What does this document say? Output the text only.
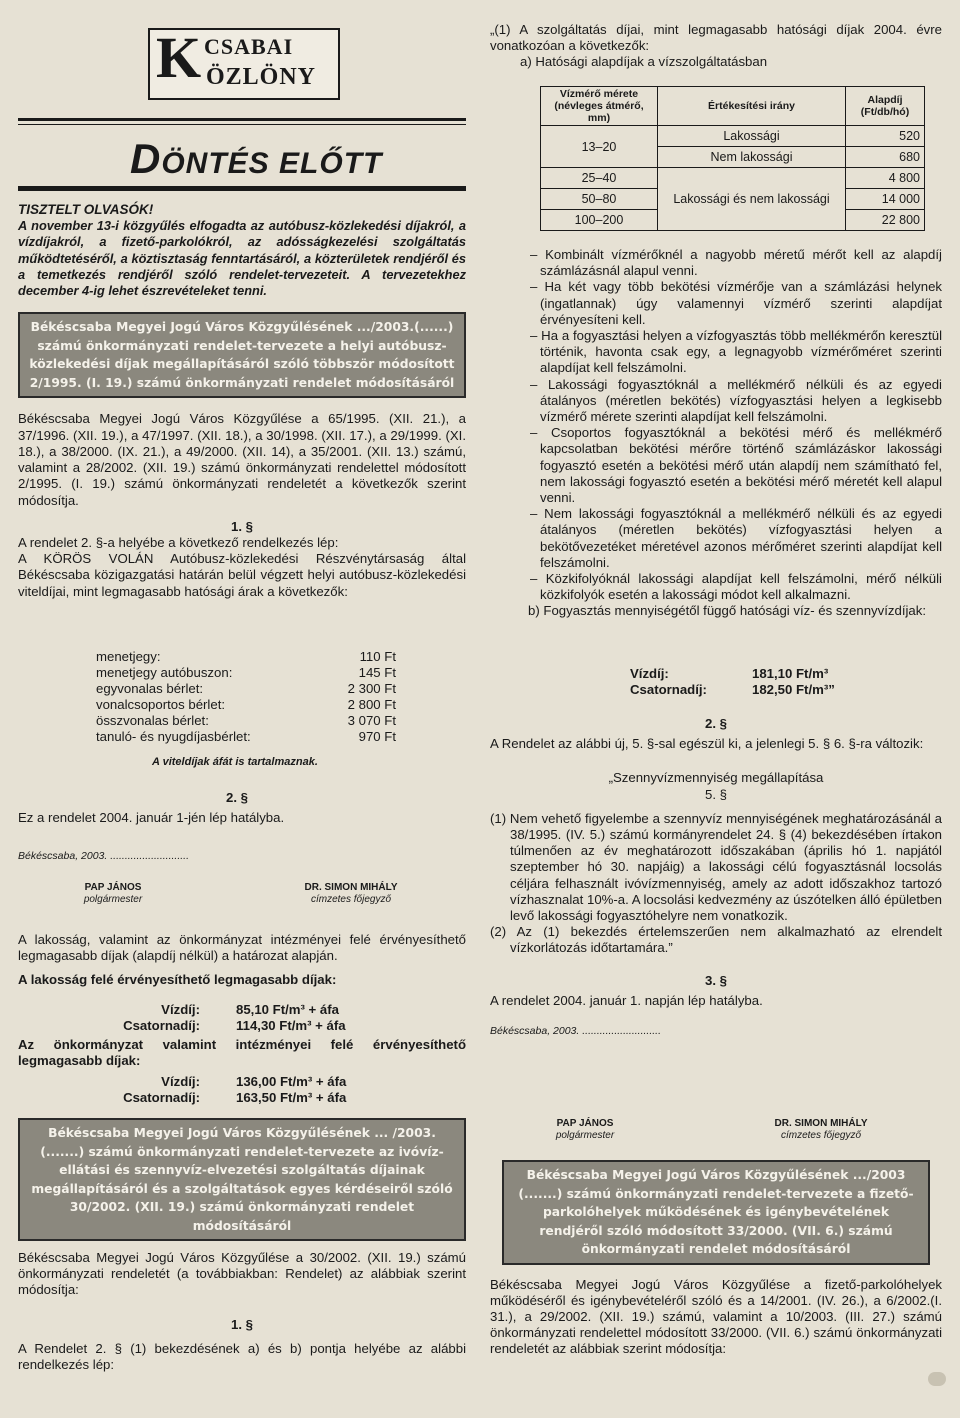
K CSABAI
ÖZLÖNY
DÖNTÉS ELŐTT

TISZTELT OLVASÓK!

A november 13-i közgyűlés elfogadta az autóbusz-közlekedési díjakról, a vízdíjakról, a fizető-parkolókról, az adósságkezelési szolgáltatás működtetéséről, a köztisztaság fenntartásáról, a közterületek rendjéről és a temetkezés rendjéről szóló rendelet-tervezeteit. A tervezetekhez december 4-ig lehet észrevételeket tenni.

Békéscsaba Megyei Jogú Város Közgyűlésének .../2003.(......) számú önkormányzati rendelet-tervezete a helyi autóbusz-közlekedési díjak megállapításáról szóló többször módosított 2/1995. (I. 19.) számú önkormányzati rendelet módosításáról

Békéscsaba Megyei Jogú Város Közgyűlése a 65/1995. (XII. 21.), a 37/1996. (XII. 19.), a 47/1997. (XII. 18.), a 30/1998. (XII. 17.), a 29/1999. (XI. 18.), a 38/2000. (IX. 21.), a 49/2000. (XII. 14), a 35/2001. (XII. 13.) számú, valamint a 28/2002. (XII. 19.) számú önkormányzati rendelettel módosított 2/1995. (I. 19.) számú önkormányzati rendeletét a következők szerint módosítja.

1. §

A rendelet 2. §-a helyébe a következő rendelkezés lép:

A KÖRÖS VOLÁN Autóbusz-közlekedési Részvénytársaság által Békéscsaba közigazgatási határán belül végzett helyi autóbusz-közlekedési viteldíjai, mint legmagasabb hatósági árak a következők:

menetjegy:	110 Ft
menetjegy autóbuszon:	145 Ft
egyvonalas bérlet:	2 300 Ft
vonalcsoportos bérlet:	2 800 Ft
összvonalas bérlet:	3 070 Ft
tanuló- és nyugdíjasbérlet:	970 Ft

A viteldíjak áfát is tartalmaznak.

2. §

Ez a rendelet 2004. január 1-jén lép hatályba.

Békéscsaba, 2003. ...........................

PAP JÁNOS
polgármester
DR. SIMON MIHÁLY
címzetes főjegyző

A lakosság, valamint az önkormányzat intézményei felé érvényesíthető legmagasabb díjak (alapdíj nélkül) a határozat alapján.

A lakosság felé érvényesíthető legmagasabb díjak:

Vízdíj:	85,10 Ft/m³ + áfa
Csatornadíj:	114,30 Ft/m³ + áfa

Az önkormányzat valamint intézményei felé érvényesíthető legmagasabb díjak:

Vízdíj:	136,00 Ft/m³ + áfa
Csatornadíj:	163,50 Ft/m³ + áfa
Békéscsaba Megyei Jogú Város Közgyűlésének ... /2003. (.......) számú önkormányzati rendelet-tervezete az ivóvíz-ellátási és szennyvíz-elvezetési szolgáltatás díjainak megállapításáról és a szolgáltatások egyes kérdéseiről szóló 30/2002. (XII. 19.) számú önkormányzati rendelet módosításáról

Békéscsaba Megyei Jogú Város Közgyűlése a 30/2002. (XII. 19.) számú önkormányzati rendeletét (a továbbiakban: Rendelet) az alábbiak szerint módosítja:

1. §

A Rendelet 2. § (1) bekezdésének a) és b) pontja helyébe az alábbi rendelkezés lép:

„(1) A szolgáltatás díjai, mint legmagasabb hatósági díjak 2004. évre vonatkozóan a következők:

a) Hatósági alapdíjak a vízszolgáltatásban

Vízmérő mérete (névleges átmérő, mm)	Értékesítési irány	Alapdíj (Ft/db/hó)
13–20	Lakossági	520
	Nem lakossági	680
25–40	Lakossági és nem lakossági	4 800
50–80		14 000
100–200		22 800

– Kombinált vízmérőknél a nagyobb méretű mérőt kell az alapdíj számlázásnál alapul venni.

– Ha két vagy több bekötési vízmérője van a számlázási helynek (ingatlannak) úgy valamennyi vízmérő szerinti alapdíjat érvényesíteni kell.

– Ha a fogyasztási helyen a vízfogyasztás több mellékmérőn keresztül történik, havonta csak egy, a legnagyobb vízmérőméret szerinti alapdíjat kell felszámolni.

– Lakossági fogyasztóknál a mellékmérő nélküli és az egyedi átalányos (méretlen bekötés) vízfogyasztási helyen a legkisebb vízmérő mérete szerinti alapdíjat kell felszámolni.

– Csoportos fogyasztóknál a bekötési mérő és mellékmérő kapcsolatban bekötési mérőre történő számlázáskor lakossági fogyasztó esetén a bekötési mérő után alapdíj nem számítható fel, nem lakossági fogyasztó esetén a bekötési mérő méretét kell alapul venni.

– Nem lakossági fogyasztóknál a mellékmérő nélküli és az egyedi átalányos (méretlen bekötés) vízfogyasztási helyen a bekötővezetéket méretével azonos mérőméret szerinti alapdíjat kell felszámolni.

– Közkifolyóknál lakossági alapdíjat kell felszámolni, mérő nélküli közkifolyók esetén a lakossági módot kell alkalmazni.

b) Fogyasztás mennyiségétől függő hatósági víz- és szennyvízdíjak:

Vízdíj:	181,10 Ft/m³
Csatornadíj:	182,50 Ft/m³”

2. §

A Rendelet az alábbi új, 5. §-sal egészül ki, a jelenlegi 5. § 6. §-ra változik:

„Szennyvízmennyiség megállapítása

5. §

(1) Nem vehető figyelembe a szennyvíz mennyiségének meghatározásánál a 38/1995. (IV. 5.) számú kormányrendelet 24. § (4) bekezdésében írtakon túlmenően az év meghatározott időszakában (április hó 1. napjától szeptember hó 30. napjáig) a lakossági célú fogyasztásnál locsolás céljára felhasznált ivóvízmennyiség, amely az adott időszakhoz tartozó vízhasznalat 10%-a. A locsolási kedvezmény az úszótelken álló épületben levő lakossági fogyasztóhelyre nem vonatkozik.

(2) Az (1) bekezdés értelemszerűen nem alkalmazható az elrendelt vízkorlátozás időtartamára.”

3. §

A rendelet 2004. január 1. napján lép hatályba.

Békéscsaba, 2003. ...........................

PAP JÁNOS
polgármester
DR. SIMON MIHÁLY
címzetes főjegyző
Békéscsaba Megyei Jogú Város Közgyűlésének .../2003 (.......) számú önkormányzati rendelet-tervezete a fizető-parkolóhelyek működésének és igénybevételének rendjéről szóló módosított 33/2000. (VII. 6.) számú önkormányzati rendelet módosításáról

Békéscsaba Megyei Jogú Város Közgyűlése a fizető-parkolóhelyek működéséről és igénybevételéről szóló és a 14/2001. (IV. 26.), a 6/2002.(I. 31.), a 29/2002. (XII. 19.) számú, valamint a 10/2003. (III. 27.) számú önkormányzati rendelettel módosított 33/2000. (VII. 6.) számú önkormányzati rendeletét az alábbiak szerint módosítja:
